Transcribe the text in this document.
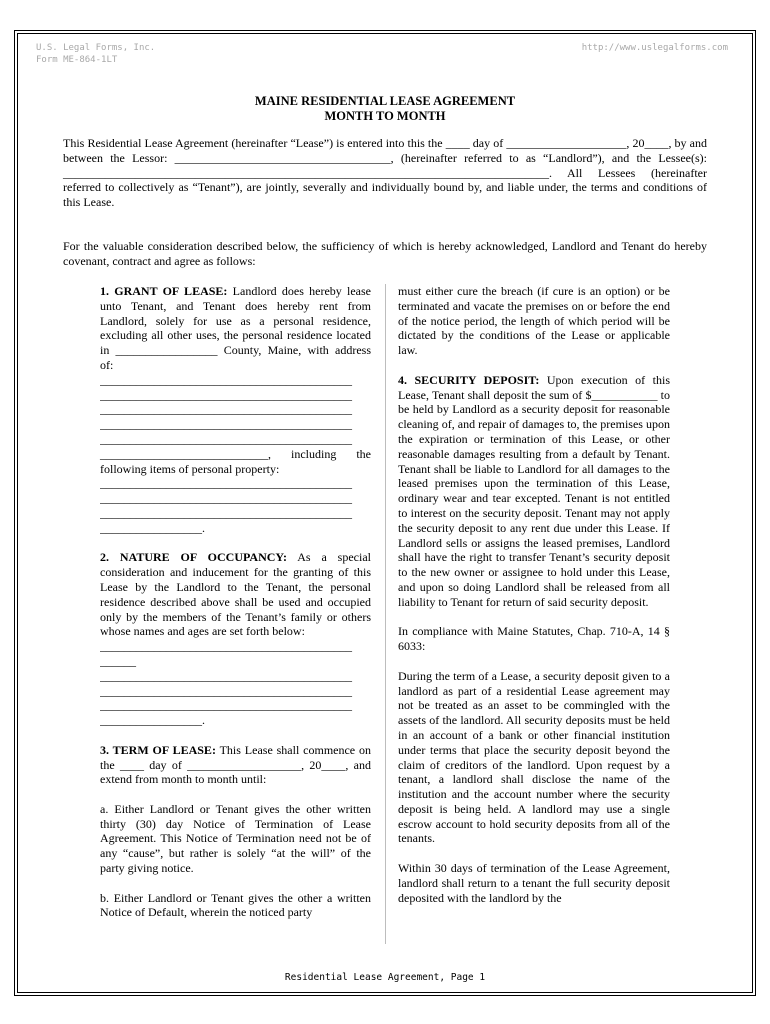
U.S. Legal Forms, Inc.
Form ME-864-1LT
http://www.uslegalforms.com
MAINE RESIDENTIAL LEASE AGREEMENT
MONTH TO MONTH
This Residential Lease Agreement (hereinafter “Lease”) is entered into this the ____ day of ____________________, 20____, by and between the Lessor: ____________________________________, (hereinafter referred to as “Landlord”), and the Lessee(s): _________________________________________________________________________________. All Lessees (hereinafter referred to collectively as “Tenant”), are jointly, severally and individually bound by, and liable under, the terms and conditions of this Lease.
For the valuable consideration described below, the sufficiency of which is hereby acknowledged, Landlord and Tenant do hereby covenant, contract and agree as follows:

1. GRANT OF LEASE: Landlord does hereby lease unto Tenant, and Tenant does hereby rent from Landlord, solely for use as a personal residence, excluding all other uses, the personal residence located in _________________ County, Maine, with address of:

__________________________________________
__________________________________________
__________________________________________
__________________________________________
__________________________________________

____________________________, including the following items of personal property:

__________________________________________
__________________________________________
__________________________________________
_________________.

2. NATURE OF OCCUPANCY: As a special consideration and inducement for the granting of this Lease by the Landlord to the Tenant, the personal residence described above shall be used and occupied only by the members of the Tenant’s family or others whose names and ages are set forth below:

__________________________________________
______
__________________________________________
__________________________________________
__________________________________________
_________________.

3. TERM OF LEASE: This Lease shall commence on the ____ day of ___________________, 20____, and extend from month to month until:

a. Either Landlord or Tenant gives the other written thirty (30) day Notice of Termination of Lease Agreement. This Notice of Termination need not be of any “cause”, but rather is solely “at the will” of the party giving notice.

b. Either Landlord or Tenant gives the other a written Notice of Default, wherein the noticed party

must either cure the breach (if cure is an option) or be terminated and vacate the premises on or before the end of the notice period, the length of which period will be dictated by the conditions of the Lease or applicable law.

4. SECURITY DEPOSIT: Upon execution of this Lease, Tenant shall deposit the sum of $___________ to be held by Landlord as a security deposit for reasonable cleaning of, and repair of damages to, the premises upon the expiration or termination of this Lease, or other reasonable damages resulting from a default by Tenant. Tenant shall be liable to Landlord for all damages to the leased premises upon the termination of this Lease, ordinary wear and tear excepted. Tenant is not entitled to interest on the security deposit. Tenant may not apply the security deposit to any rent due under this Lease. If Landlord sells or assigns the leased premises, Landlord shall have the right to transfer Tenant’s security deposit to the new owner or assignee to hold under this Lease, and upon so doing Landlord shall be released from all liability to Tenant for return of said security deposit.

In compliance with Maine Statutes, Chap. 710-A, 14 § 6033:

During the term of a Lease, a security deposit given to a landlord as part of a residential Lease agreement may not be treated as an asset to be commingled with the assets of the landlord. All security deposits must be held in an account of a bank or other financial institution under terms that place the security deposit beyond the claim of creditors of the landlord. Upon request by a tenant, a landlord shall disclose the name of the institution and the account number where the security deposit is being held. A landlord may use a single escrow account to hold security deposits from all of the tenants.

Within 30 days of termination of the Lease Agreement, landlord shall return to a tenant the full security deposit deposited with the landlord by the

Residential Lease Agreement, Page 1
